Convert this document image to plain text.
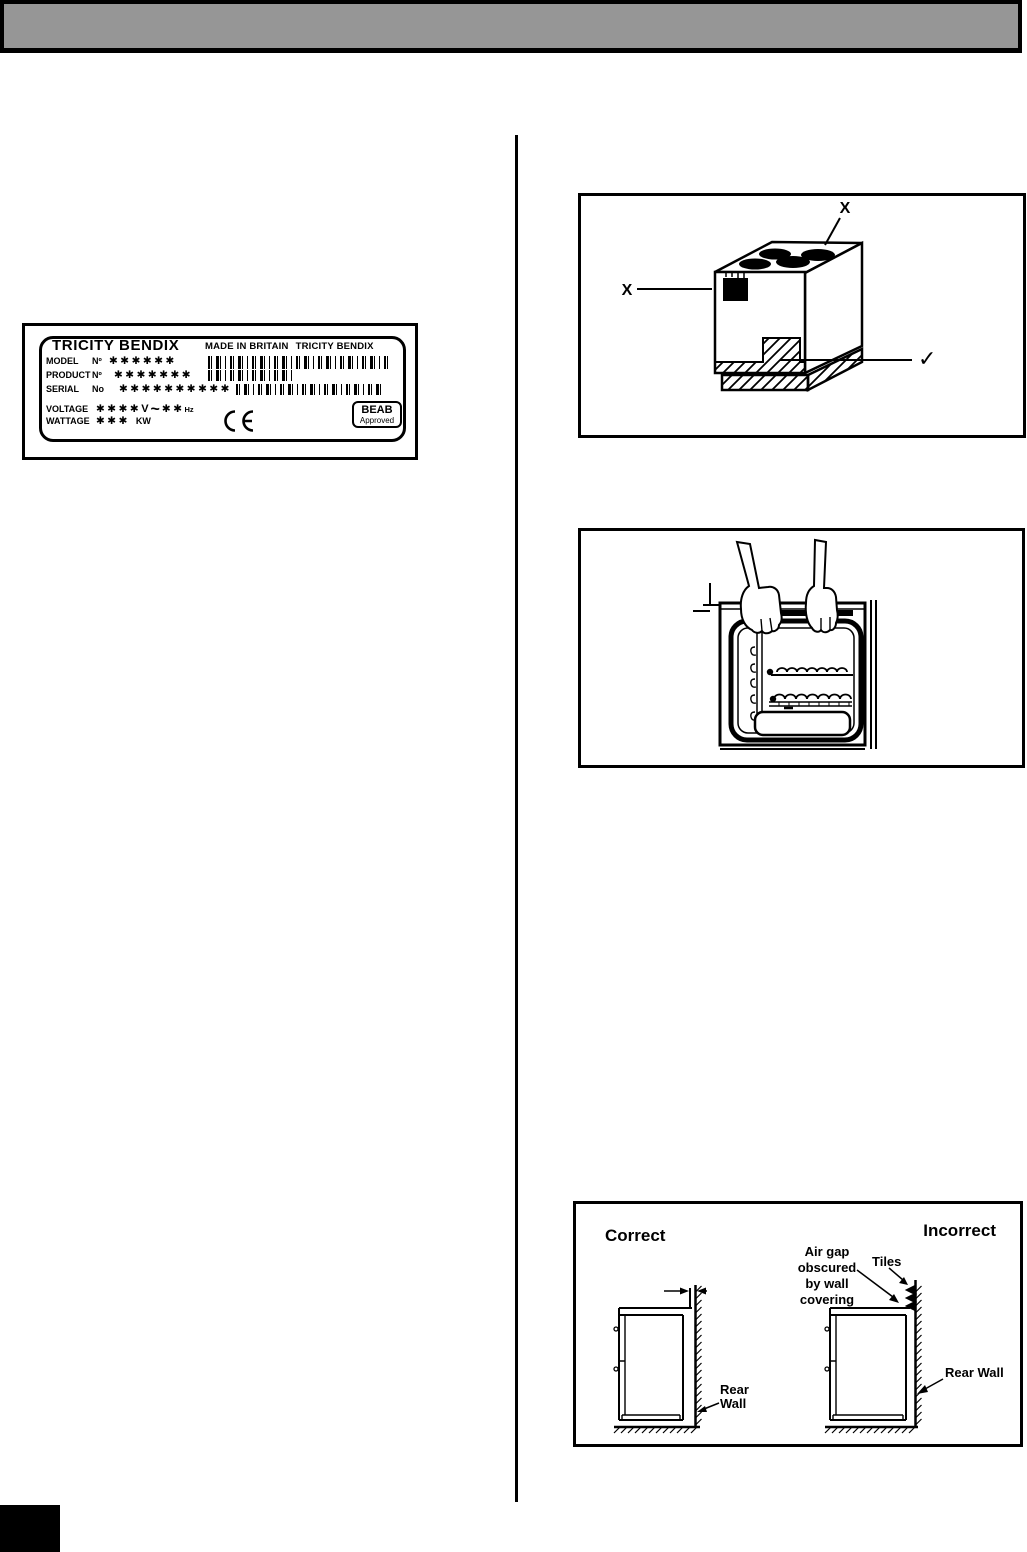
TRICITY BENDIX	MADE IN BRITAIN TRICITY BENDIX
MODEL Nº ✱✱✱✱✱✱
PRODUCT Nº ✱✱✱✱✱✱✱
SERIAL No ✱✱✱✱✱✱✱✱✱✱
VOLTAGE ✱✱✱✱V ~ ✱✱Hz
WATTAGE ✱✱✱ KW
BEAB
Approved
X
X
✓
Correct	Incorrect
Rear
Wall
Air gap
obscured
by wall
covering
Tiles
Rear Wall
